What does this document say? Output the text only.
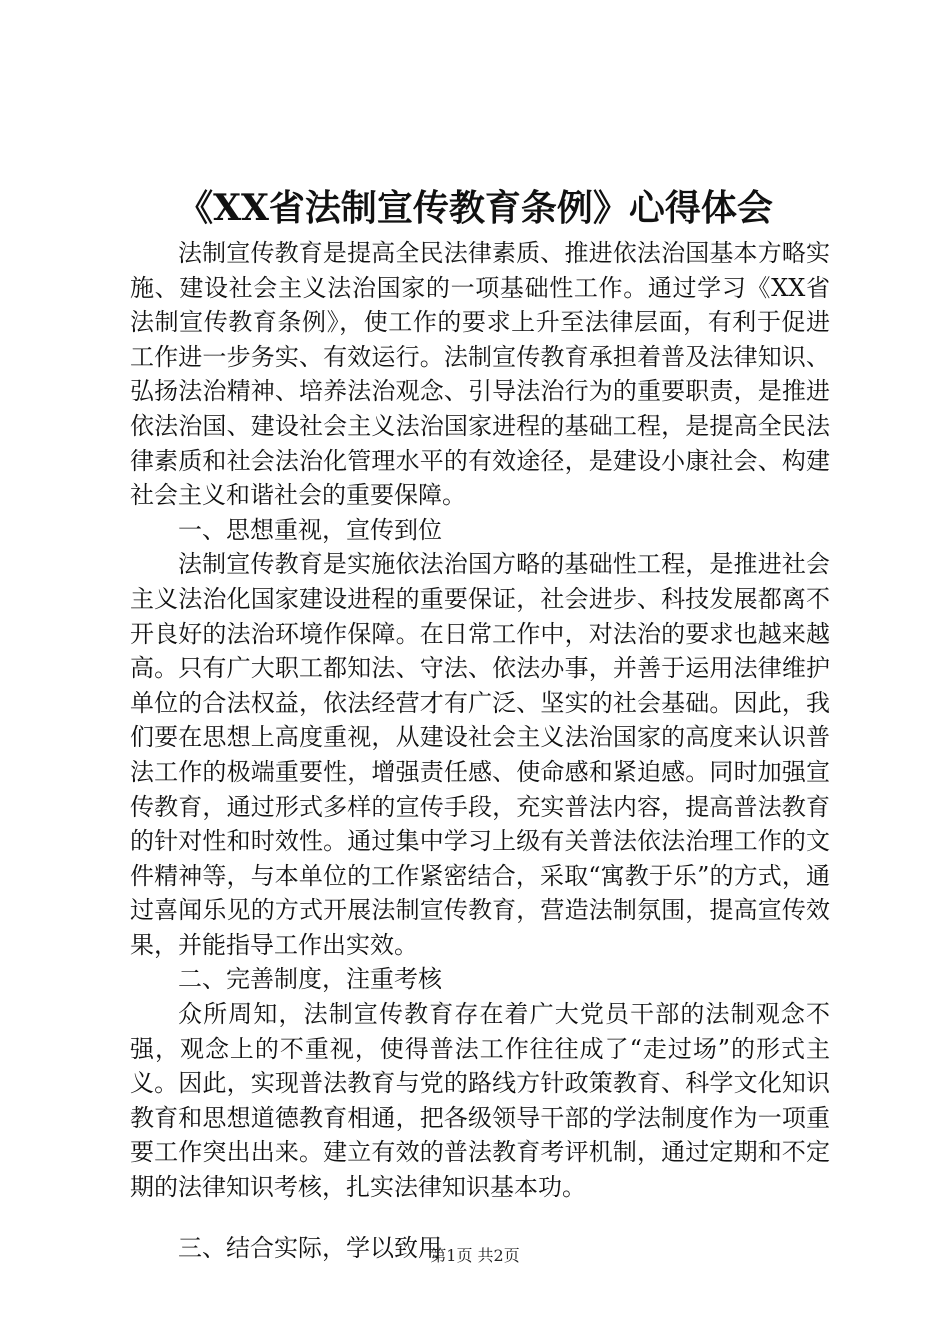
《XX省法制宣传教育条例》心得体会

法制宣传教育是提高全民法律素质、推进依法治国基本方略实施、建设社会主义法治国家的一项基础性工作。通过学习《XX省法制宣传教育条例》，使工作的要求上升至法律层面，有利于促进工作进一步务实、有效运行。法制宣传教育承担着普及法律知识、弘扬法治精神、培养法治观念、引导法治行为的重要职责，是推进依法治国、建设社会主义法治国家进程的基础工程，是提高全民法律素质和社会法治化管理水平的有效途径，是建设小康社会、构建社会主义和谐社会的重要保障。

一、思想重视，宣传到位

法制宣传教育是实施依法治国方略的基础性工程，是推进社会主义法治化国家建设进程的重要保证，社会进步、科技发展都离不开良好的法治环境作保障。在日常工作中，对法治的要求也越来越高。只有广大职工都知法、守法、依法办事，并善于运用法律维护单位的合法权益，依法经营才有广泛、坚实的社会基础。因此，我们要在思想上高度重视，从建设社会主义法治国家的高度来认识普法工作的极端重要性，增强责任感、使命感和紧迫感。同时加强宣传教育，通过形式多样的宣传手段，充实普法内容，提高普法教育的针对性和时效性。通过集中学习上级有关普法依法治理工作的文件精神等，与本单位的工作紧密结合，采取“寓教于乐”的方式，通过喜闻乐见的方式开展法制宣传教育，营造法制氛围，提高宣传效果，并能指导工作出实效。

二、完善制度，注重考核

众所周知，法制宣传教育存在着广大党员干部的法制观念不强，观念上的不重视，使得普法工作往往成了“走过场”的形式主义。因此，实现普法教育与党的路线方针政策教育、科学文化知识教育和思想道德教育相通，把各级领导干部的学法制度作为一项重要工作突出出来。建立有效的普法教育考评机制，通过定期和不定期的法律知识考核，扎实法律知识基本功。

三、结合实际，学以致用

第1页 共2页
